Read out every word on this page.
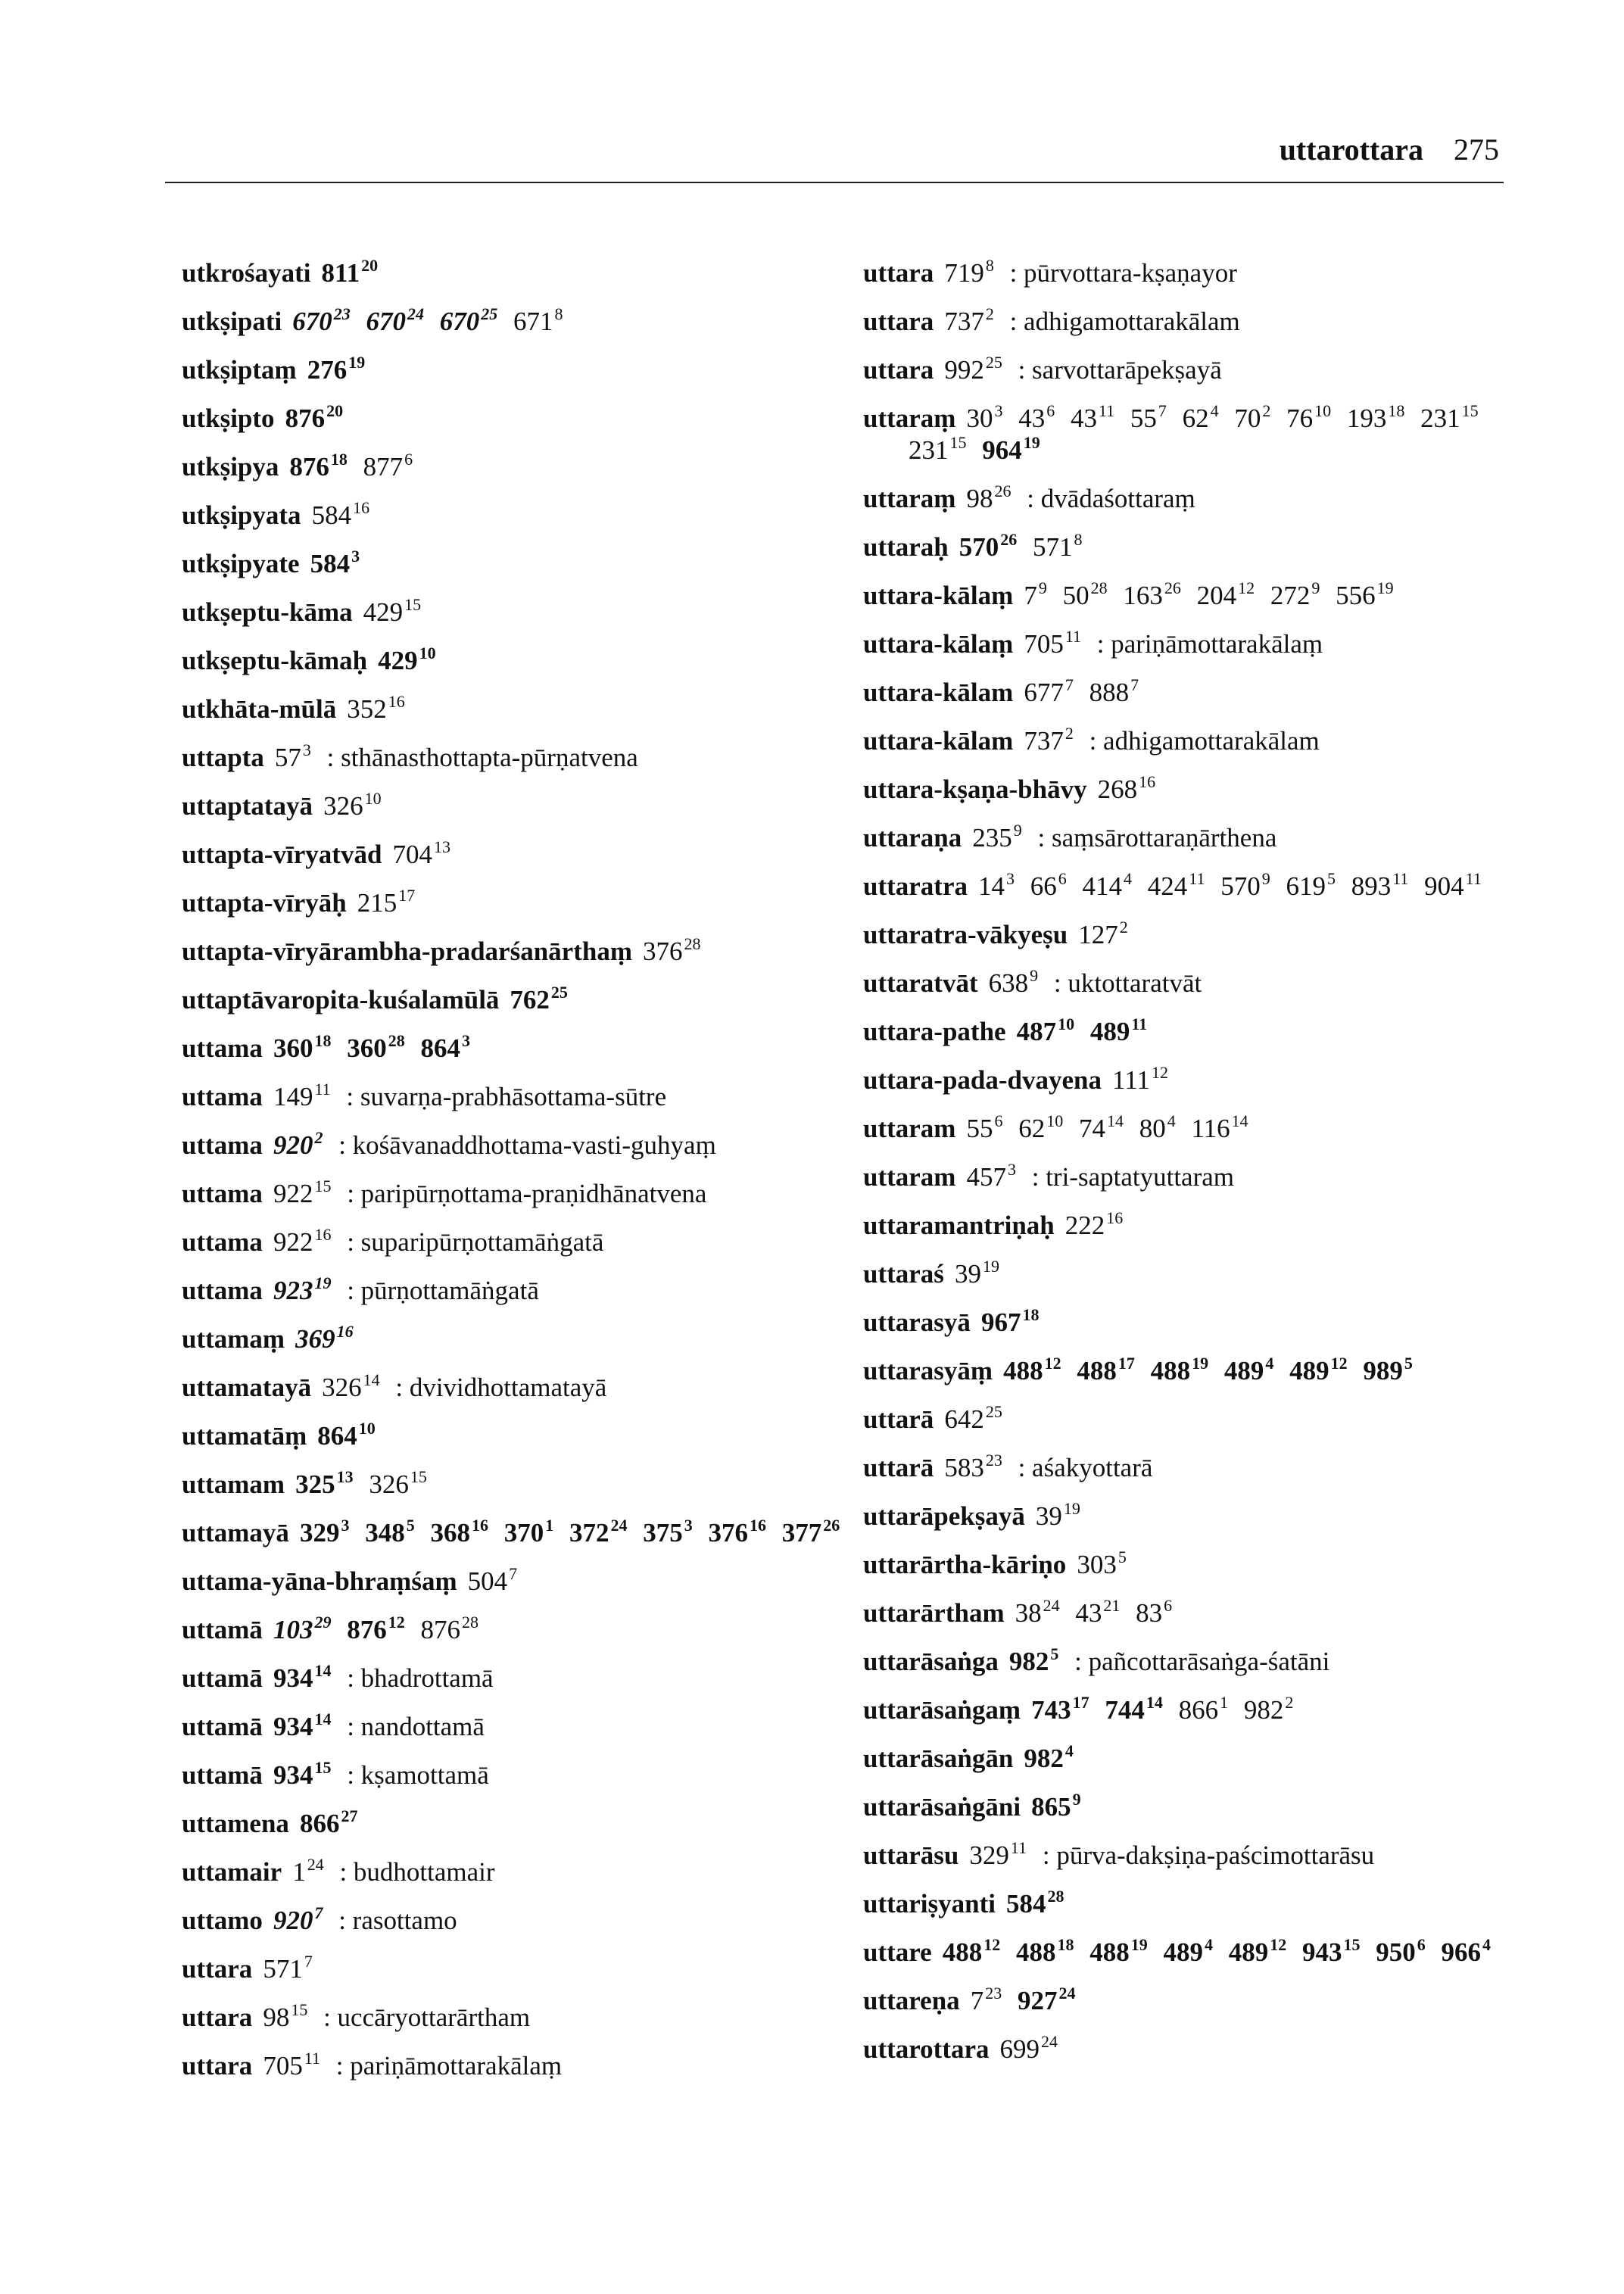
uttarottara 275
utkrośayati $811^{20}$
utkṣipati $670^{23}$ $670^{24}$ $670^{25}$ $671^8$
utkṣiptaṃ $276^{19}$
utkṣipto $876^{20}$
utkṣipya $876^{18}$ $877^6$
utkṣipyata $584^{16}$
utkṣipyate $584^3$
utkṣeptu-kāma $429^{15}$
utkṣeptu-kāmaḥ $429^{10}$
utkhāta-mūlā $352^{16}$
uttapta $57^3$ : sthānasthottapta-pūrṇatvena
uttaptatayā $326^{10}$
uttapta-vīryatvād $704^{13}$
uttapta-vīryāḥ $215^{17}$
uttapta-vīryārambha-pradarśanārthaṃ $376^{28}$
uttaptāvaropita-kuśalamūlā $762^{25}$
uttama $360^{18}$ $360^{28}$ $864^3$
uttama $149^{11}$ : suvarṇa-prabhāsottama-sūtre
uttama $920^2$ : kośāvanaddhottama-vasti-guhyaṃ
uttama $922^{15}$ : paripūrṇottama-praṇidhānatvena
uttama $922^{16}$ : suparipūrṇottamāṅgatā
uttama $923^{19}$ : pūrṇottamāṅgatā
uttamaṃ $369^{16}$
uttamatayā $326^{14}$ : dvividhottamatayā
uttamatāṃ $864^{10}$
uttamam $325^{13}$ $326^{15}$
uttamayā $329^3$ $348^5$ $368^{16}$ $370^1$ $372^{24}$ $375^3$ $376^{16}$ $377^{26}$
uttama-yāna-bhraṃśaṃ $504^7$
uttamā $103^{29}$ $876^{12}$ $876^{28}$
uttamā $934^{14}$ : bhadrottamā
uttamā $934^{14}$ : nandottamā
uttamā $934^{15}$ : kṣamottamā
uttamena $866^{27}$
uttamair $1^{24}$ : budhottamair
uttamo $920^7$ : rasottamo
uttara $571^7$
uttara $98^{15}$ : uccāryottarārtham
uttara $705^{11}$ : pariṇāmottarakālaṃ
uttara $719^8$ : pūrvottara-kṣaṇayor
uttara $737^2$ : adhigamottarakālam
uttara $992^{25}$ : sarvottarāpekṣayā
uttaraṃ $30^3$ $43^6$ $43^{11}$ $55^7$ $62^4$ $70^2$ $76^{10}$ $193^{18}$ $231^{15}$ $231^{15}$ $964^{19}$
uttaraṃ $98^{26}$ : dvādaśottaraṃ
uttaraḥ $570^{26}$ $571^8$
uttara-kālaṃ $7^9$ $50^{28}$ $163^{26}$ $204^{12}$ $272^9$ $556^{19}$
uttara-kālaṃ $705^{11}$ : pariṇāmottarakālaṃ
uttara-kālam $677^7$ $888^7$
uttara-kālam $737^2$ : adhigamottarakālam
uttara-kṣaṇa-bhāvy $268^{16}$
uttaraṇa $235^9$ : saṃsārottaraṇārthena
uttaratra $14^3$ $66^6$ $414^4$ $424^{11}$ $570^9$ $619^5$ $893^{11}$ $904^{11}$
uttaratra-vākyeṣu $127^2$
uttaratvāt $638^9$ : uktottaratvāt
uttara-pathe $487^{10}$ $489^{11}$
uttara-pada-dvayena $111^{12}$
uttaram $55^6$ $62^{10}$ $74^{14}$ $80^4$ $116^{14}$
uttaram $457^3$ : tri-saptatyuttaram
uttaramantriṇaḥ $222^{16}$
uttaraś $39^{19}$
uttarasyā $967^{18}$
uttarasyāṃ $488^{12}$ $488^{17}$ $488^{19}$ $489^4$ $489^{12}$ $989^5$
uttarā $642^{25}$
uttarā $583^{23}$ : aśakyottarā
uttarāpekṣayā $39^{19}$
uttarārtha-kāriṇo $303^5$
uttarārtham $38^{24}$ $43^{21}$ $83^6$
uttarāsaṅga $982^5$ : pañcottarāsaṅga-śatāni
uttarāsaṅgaṃ $743^{17}$ $744^{14}$ $866^1$ $982^2$
uttarāsaṅgān $982^4$
uttarāsaṅgāni $865^9$
uttarāsu $329^{11}$ : pūrva-dakṣiṇa-paścimottarāsu
uttariṣyanti $584^{28}$
uttare $488^{12}$ $488^{18}$ $488^{19}$ $489^4$ $489^{12}$ $943^{15}$ $950^6$ $966^4$
uttareṇa $7^{23}$ $927^{24}$
uttarottara $699^{24}$
